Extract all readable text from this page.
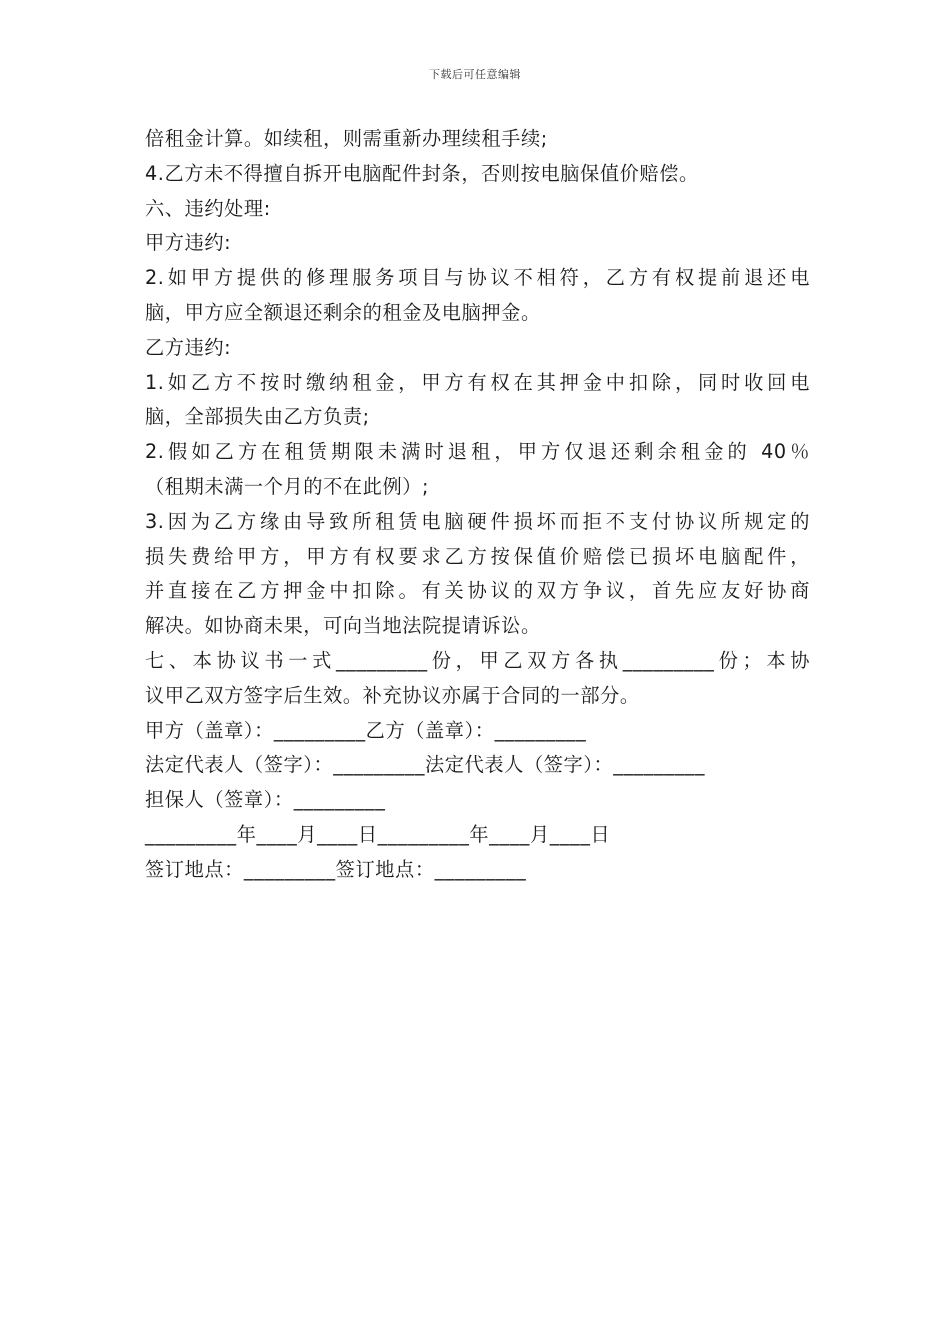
下载后可任意编辑
倍租金计算。如续租，则需重新办理续租手续;
4.乙方未不得擅自拆开电脑配件封条，否则按电脑保值价赔偿。
六、违约处理:
甲方违约:
2.如甲方提供的修理服务项目与协议不相符，乙方有权提前退还电
脑，甲方应全额退还剩余的租金及电脑押金。
乙方违约:
1.如乙方不按时缴纳租金，甲方有权在其押金中扣除，同时收回电
脑，全部损失由乙方负责;
2.假如乙方在租赁期限未满时退租，甲方仅退还剩余租金的 40％
（租期未满一个月的不在此例）;
3.因为乙方缘由导致所租赁电脑硬件损坏而拒不支付协议所规定的
损失费给甲方，甲方有权要求乙方按保值价赔偿已损坏电脑配件，
并直接在乙方押金中扣除。有关协议的双方争议，首先应友好协商
解决。如协商未果，可向当地法院提请诉讼。
七、本协议书一式_________份，甲乙双方各执_________份；本协
议甲乙双方签字后生效。补充协议亦属于合同的一部分。
甲方（盖章）：_________乙方（盖章）：_________
法定代表人（签字）：_________法定代表人（签字）：_________
担保人（签章）：_________
_________年____月____日_________年____月____日
签订地点：_________签订地点：_________
